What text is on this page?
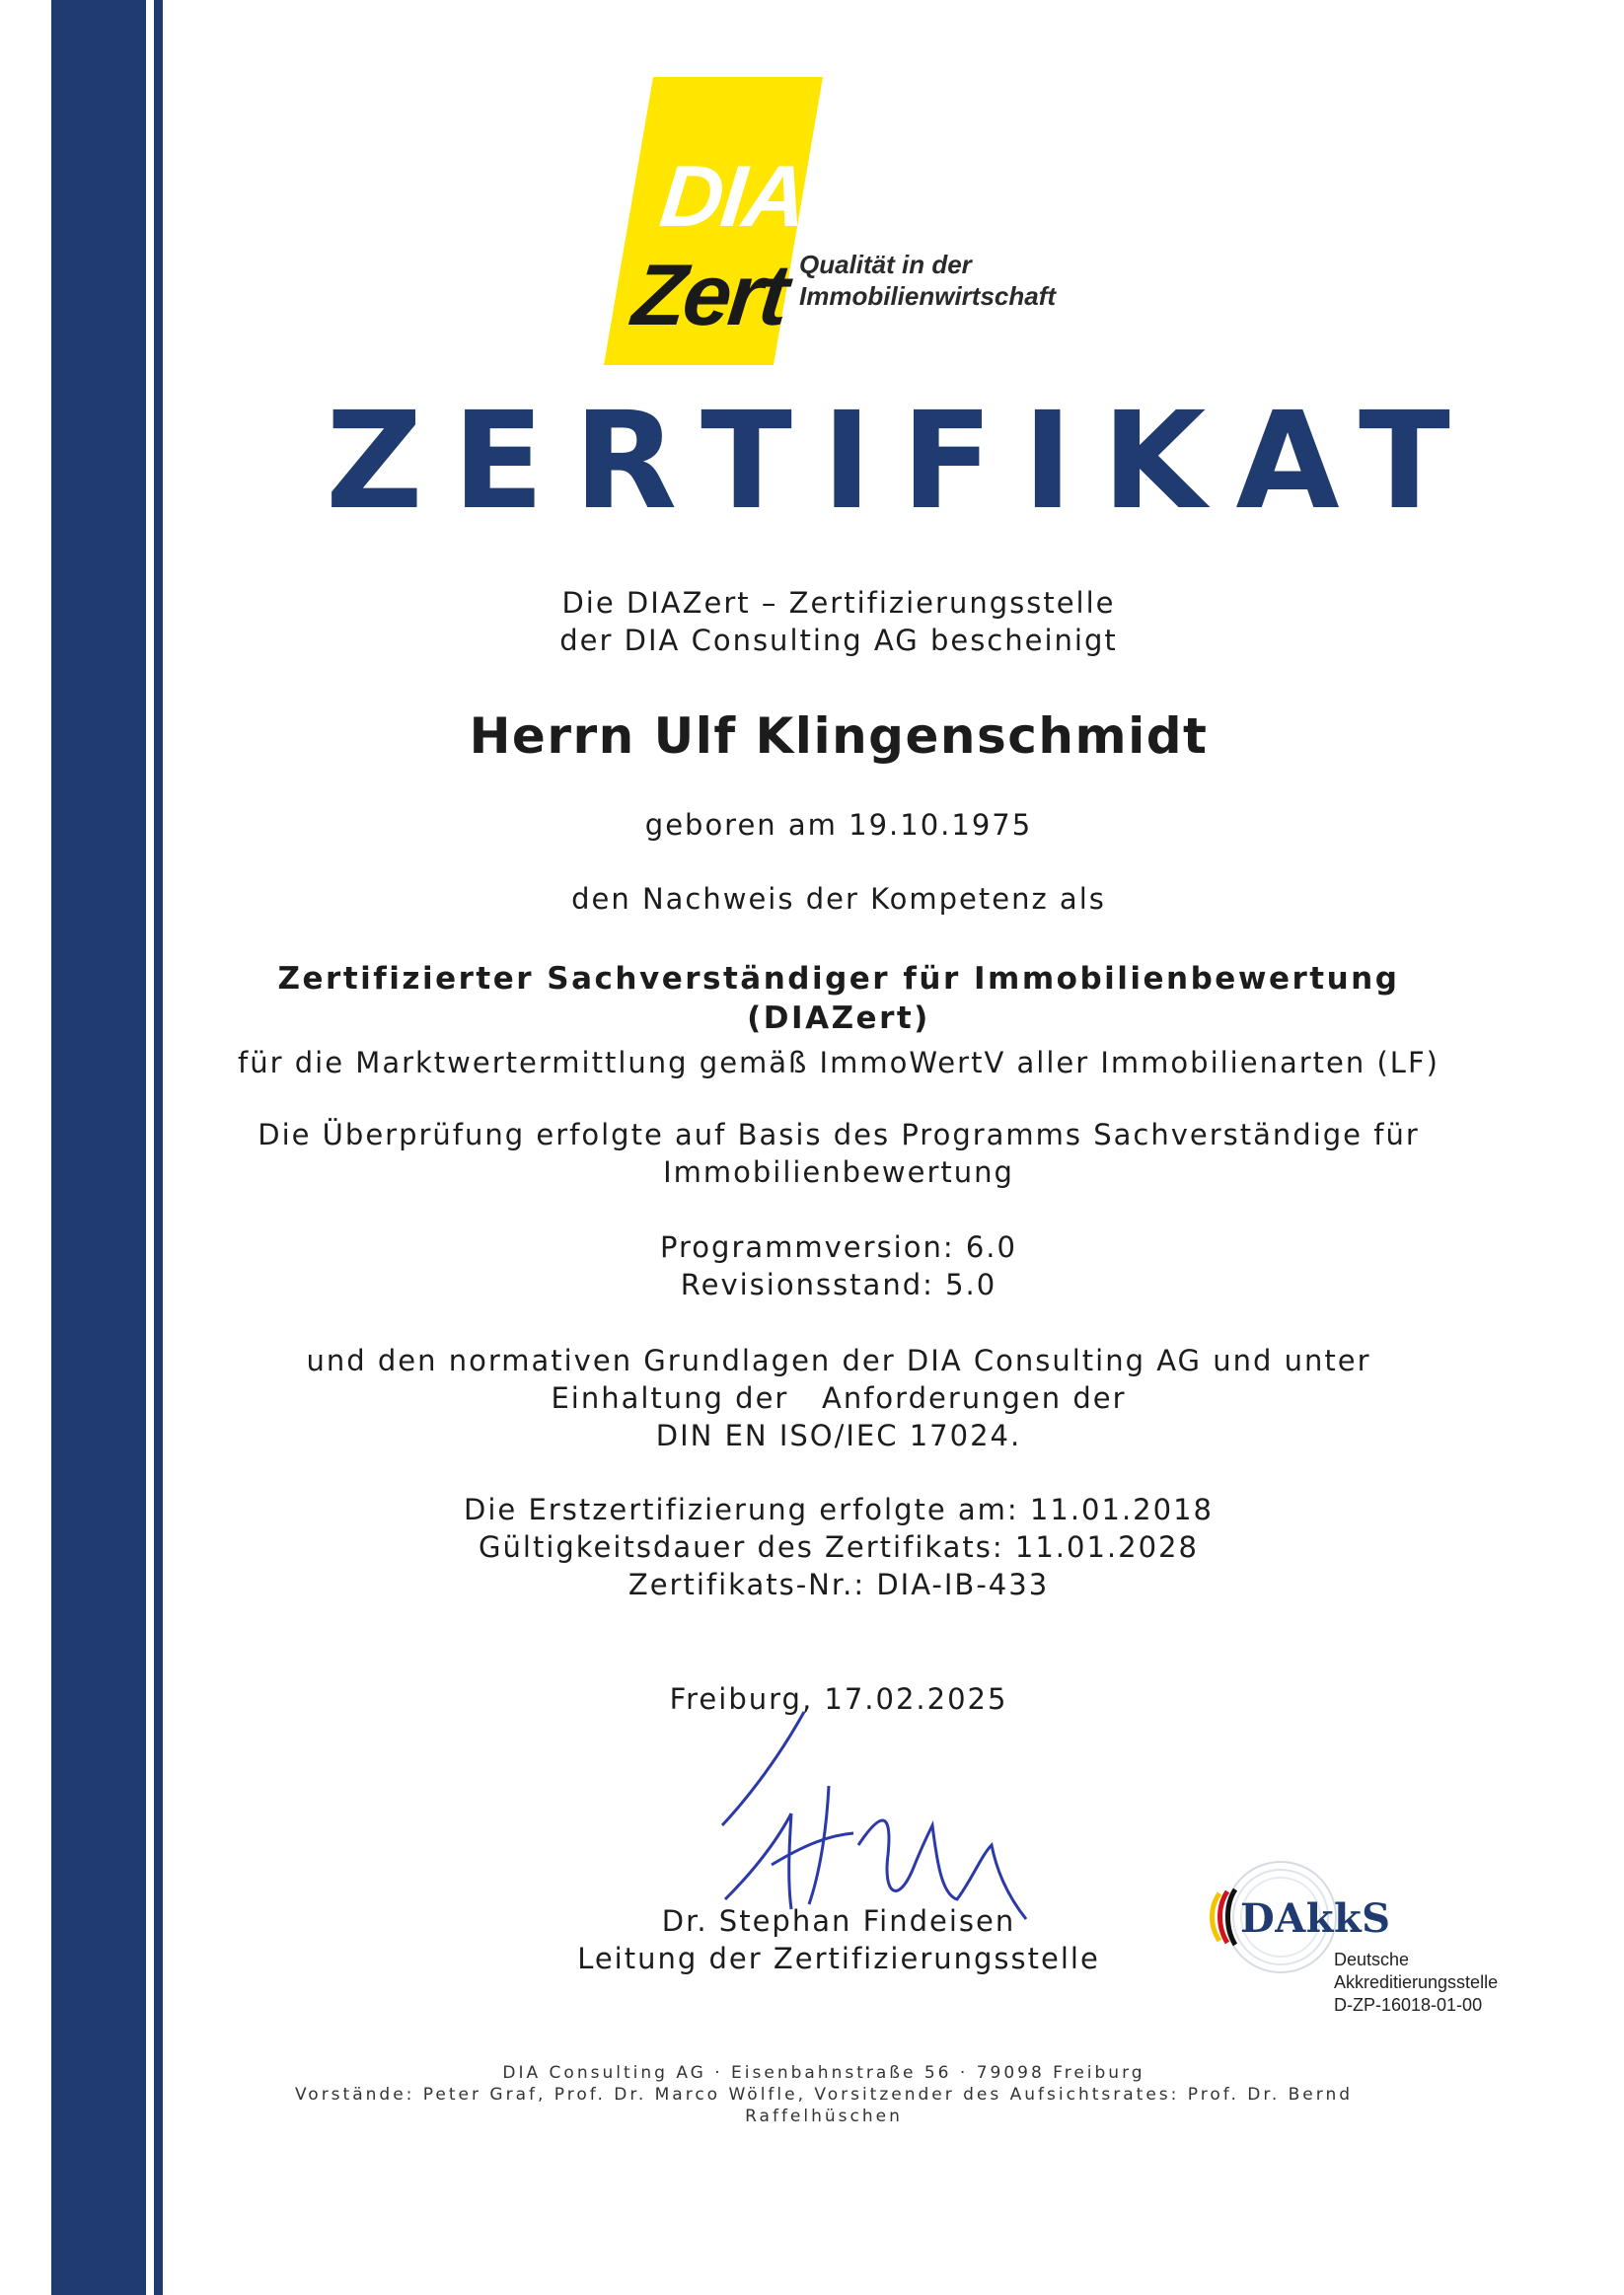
DIA
Zert Qualität in der
Immobilienwirtschaft
ZERTIFIKAT
Die DIAZert – Zertifizierungsstelle
der DIA Consulting AG bescheinigt
Herrn Ulf Klingenschmidt
geboren am 19.10.1975
den Nachweis der Kompetenz als
Zertifizierter Sachverständiger für Immobilienbewertung (DIAZert)
für die Marktwertermittlung gemäß ImmoWertV aller Immobilienarten (LF)
Die Überprüfung erfolgte auf Basis des Programms Sachverständige für
Immobilienbewertung
Programmversion: 6.0
Revisionsstand: 5.0
und den normativen Grundlagen der DIA Consulting AG und unter
Einhaltung der   Anforderungen der
DIN EN ISO/IEC 17024.
Die Erstzertifizierung erfolgte am: 11.01.2018
Gültigkeitsdauer des Zertifikats: 11.01.2028
Zertifikats-Nr.: DIA-IB-433
Freiburg, 17.02.2025
Dr. Stephan Findeisen
Leitung der Zertifizierungsstelle
DAkkS
Deutsche
Akkreditierungsstelle
D-ZP-16018-01-00
DIA Consulting AG · Eisenbahnstraße 56 · 79098 Freiburg
Vorstände: Peter Graf, Prof. Dr. Marco Wölfle, Vorsitzender des Aufsichtsrates: Prof. Dr. Bernd
Raffelhüschen
